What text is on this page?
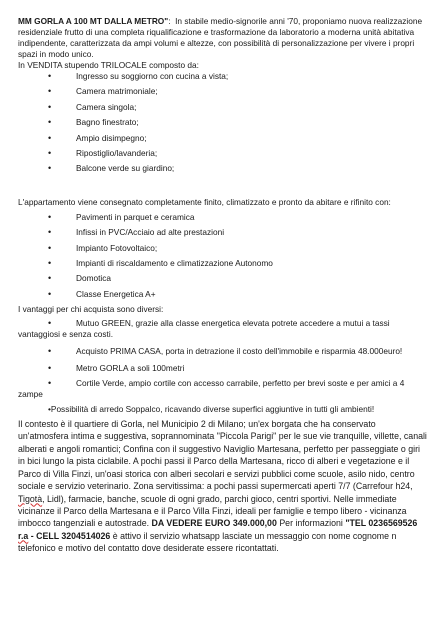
MM GORLA A 100 MT DALLA METRO":  In stabile medio-signorile anni '70, proponiamo nuova realizzazione residenziale frutto di una completa riqualificazione e trasformazione da laboratorio a moderna unità abitativa indipendente, caratterizzata da ampi volumi e altezze, con possibilità di personalizzazione per vivere i propri spazi in modo unico.

In VENDITA stupendo TRILOCALE composto da:

• Ingresso su soggiorno con cucina a vista;
• Camera matrimoniale;
• Camera singola;
• Bagno finestrato;
• Ampio disimpegno;
• Ripostiglio/lavanderia;
• Balcone verde su giardino;

L'appartamento viene consegnato completamente finito, climatizzato e pronto da abitare e rifinito con:

• Pavimenti in parquet e ceramica
• Infissi in PVC/Acciaio ad alte prestazioni
• Impianto Fotovoltaico;
• Impianti di riscaldamento e climatizzazione Autonomo
• Domotica
• Classe Energetica A+

I vantaggi per chi acquista sono diversi:

• Mutuo GREEN, grazie alla classe energetica elevata potrete accedere a mutui a tassi vantaggiosi e senza costi.
• Acquisto PRIMA CASA, porta in detrazione il costo dell'immobile e risparmia 48.000euro!
• Metro GORLA a soli 100metri
• Cortile Verde, ampio cortile con accesso carrabile, perfetto per brevi soste e per amici a 4 zampe

•Possibilità di arredo Soppalco, ricavando diverse superfici aggiuntive in tutti gli ambienti!

Il contesto è il quartiere di Gorla, nel Municipio 2 di Milano; un'ex borgata che ha conservato un'atmosfera intima e suggestiva, soprannominata "Piccola Parigi" per le sue vie tranquille, villette, canali alberati e angoli romantici; Confina con il suggestivo Naviglio Martesana, perfetto per passeggiate o giri in bici lungo la pista ciclabile. A pochi passi il Parco della Martesana, ricco di alberi e vegetazione e il Parco di Villa Finzi, un'oasi storica con alberi secolari e servizi pubblici come scuole, asilo nido, centro sociale e servizio veterinario. Zona servitissima: a pochi passi supermercati aperti 7/7 (Carrefour h24, Tigotà, Lidl), farmacie, banche, scuole di ogni grado, parchi gioco, centri sportivi. Nelle immediate vicinanze il Parco della Martesana e il Parco Villa Finzi, ideali per famiglie e tempo libero - vicinanza imbocco tangenziali e autostrade. DA VEDERE EURO 349.000,00 Per informazioni "TEL 0236569526 r.a - CELL 3204514026 è attivo il servizio whatsapp lasciate un messaggio con nome cognome n telefonico e motivo del contatto dove desiderate essere ricontattati.
